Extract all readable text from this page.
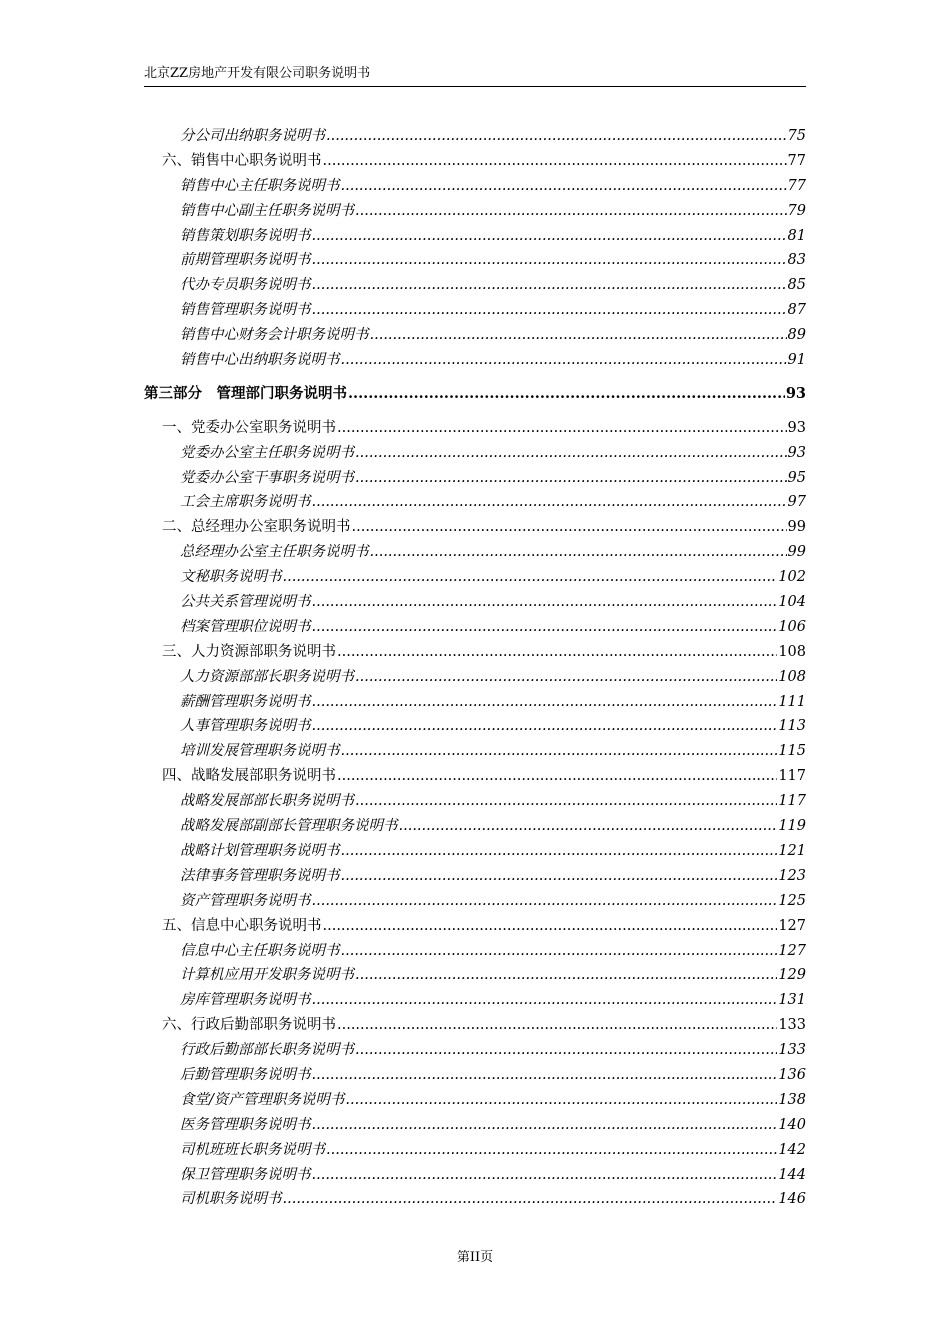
北京ZZ房地产开发有限公司职务说明书
分公司出纳职务说明书 .....	75
六、销售中心职务说明书 .....	77
销售中心主任职务说明书 .....	77
销售中心副主任职务说明书 .....	79
销售策划职务说明书 .....	81
前期管理职务说明书 .....	83
代办专员职务说明书 .....	85
销售管理职务说明书 .....	87
销售中心财务会计职务说明书 .....	89
销售中心出纳职务说明书 .....	91
第三部分　管理部门职务说明书 .....	93
一、党委办公室职务说明书 .....	93
党委办公室主任职务说明书 .....	93
党委办公室干事职务说明书 .....	95
工会主席职务说明书 .....	97
二、总经理办公室职务说明书 .....	99
总经理办公室主任职务说明书 .....	99
文秘职务说明书 .....	102
公共关系管理说明书 .....	104
档案管理职位说明书 .....	106
三、人力资源部职务说明书 .....	108
人力资源部部长职务说明书 .....	108
薪酬管理职务说明书 .....	111
人事管理职务说明书 .....	113
培训发展管理职务说明书 .....	115
四、战略发展部职务说明书 .....	117
战略发展部部长职务说明书 .....	117
战略发展部副部长管理职务说明书 .....	119
战略计划管理职务说明书 .....	121
法律事务管理职务说明书 .....	123
资产管理职务说明书 .....	125
五、信息中心职务说明书 .....	127
信息中心主任职务说明书 .....	127
计算机应用开发职务说明书 .....	129
房库管理职务说明书 .....	131
六、行政后勤部职务说明书 .....	133
行政后勤部部长职务说明书 .....	133
后勤管理职务说明书 .....	136
食堂/资产管理职务说明书 .....	138
医务管理职务说明书 .....	140
司机班班长职务说明书 .....	142
保卫管理职务说明书 .....	144
司机职务说明书 .....	146
第II页
